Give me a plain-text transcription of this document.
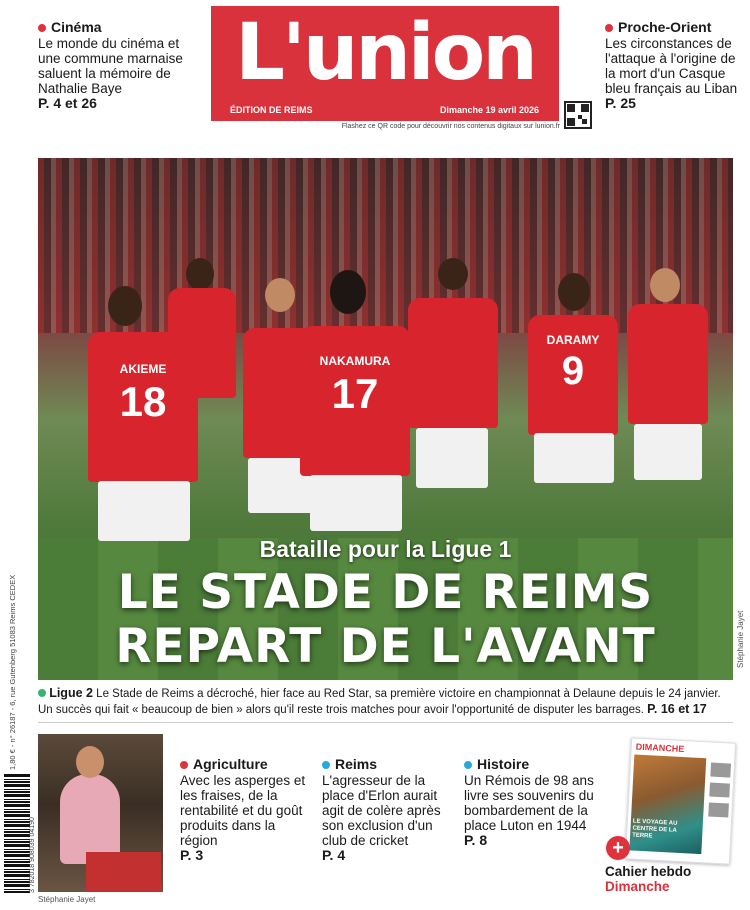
Cinéma
Le monde du cinéma et une commune marnaise saluent la mémoire de Nathalie Baye
P. 4 et 26
L'union
ÉDITION DE REIMS	Dimanche 19 avril 2026
Flashez ce QR code pour découvrir nos contenus digitaux sur lunion.fr
Proche-Orient
Les circonstances de l'attaque à l'origine de la mort d'un Casque bleu français au Liban
P. 25
AKIEME
18
NAKAMURA
17
DARAMY
9
Bataille pour la Ligue 1
LE STADE DE REIMS
REPART DE L'AVANT	Stéphanie Jayet
1,80 € - n° 26187 - 6, rue Gutenberg 51083 Reims CEDEX	Ligue 2 Le Stade de Reims a décroché, hier face au Red Star, sa première victoire en championnat à Delaune depuis le 24 janvier. Un succès qui fait « beaucoup de bien » alors qu'il reste trois matches pour avoir l'opportunité de disputer les barrages. P. 16 et 17
3 782018 908039 04190
Stéphanie Jayet
Agriculture
Avec les asperges et les fraises, de la rentabilité et du goût produits dans la région
P. 3
Reims
L'agresseur de la place d'Erlon aurait agit de colère après son exclusion d'un club de cricket
P. 4
Histoire
Un Rémois de 98 ans livre ses souvenirs du bombardement de la place Luton en 1944
P. 8
DIMANCHE
LE VOYAGE AU CENTRE DE LA TERRE
+
Cahier hebdo
Dimanche
